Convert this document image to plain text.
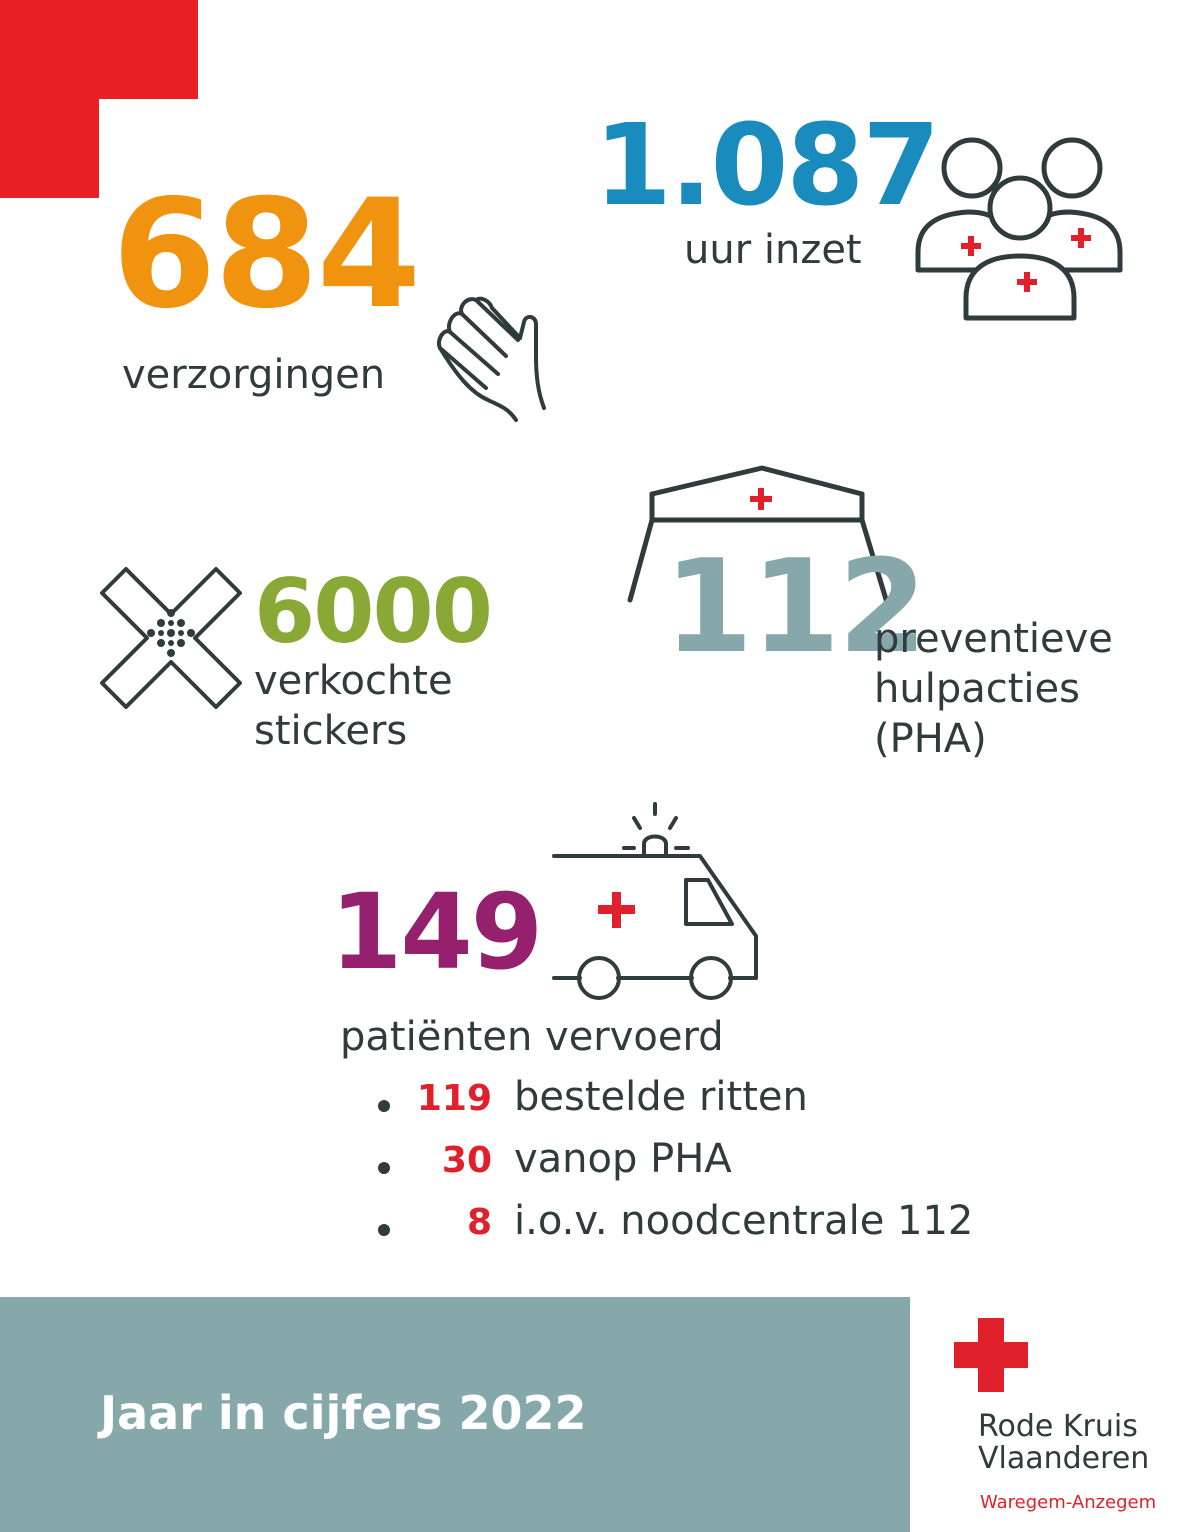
684
verzorgingen
1.087
uur inzet
6000
verkochte
stickers
112
preventieve
hulpacties
(PHA)
149
patiënten vervoerd
119 bestelde ritten
30 vanop PHA
8 i.o.v. noodcentrale 112
Jaar in cijfers 2022	Rode Kruis
Vlaanderen
Waregem-Anzegem
